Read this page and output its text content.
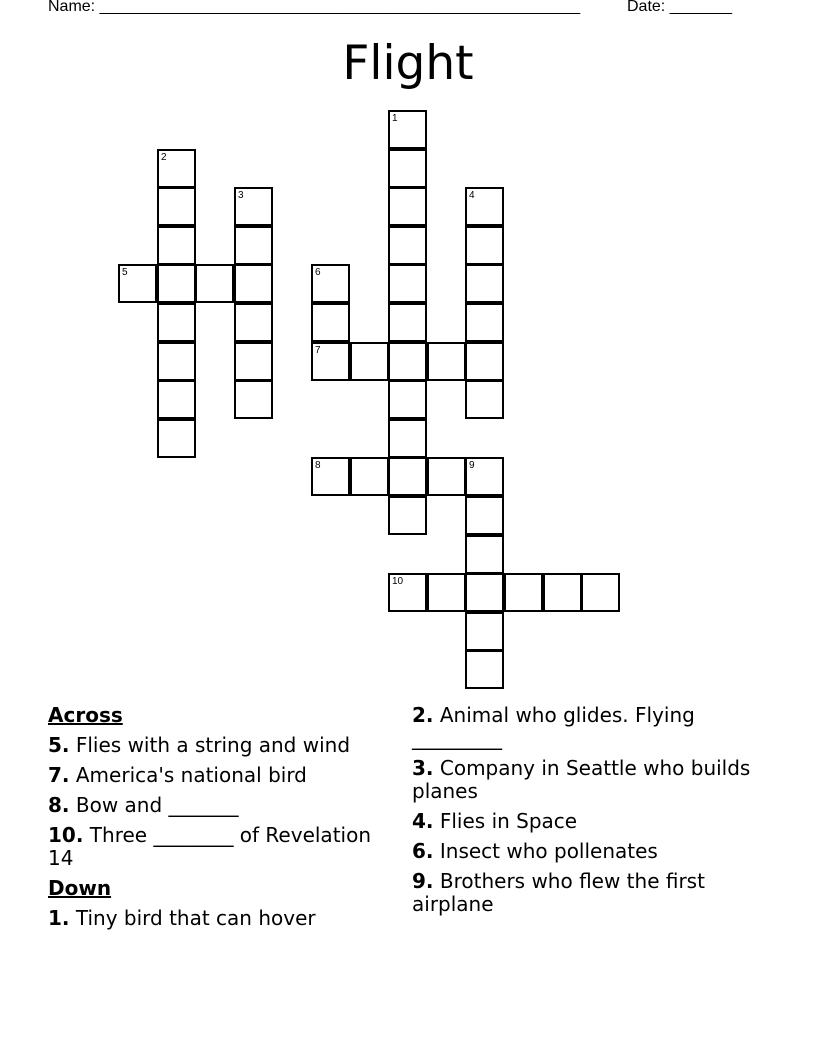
Name: ______________________________________________________	Date: _______
Flight
1
2
3	4
5	6
7
8	9
10
Across
5. Flies with a string and wind
7. America's national bird
8. Bow and _______
10. Three ________ of Revelation 14
Down
1. Tiny bird that can hover
2. Animal who glides. Flying _________
3. Company in Seattle who builds planes
4. Flies in Space
6. Insect who pollenates
9. Brothers who flew the first airplane
